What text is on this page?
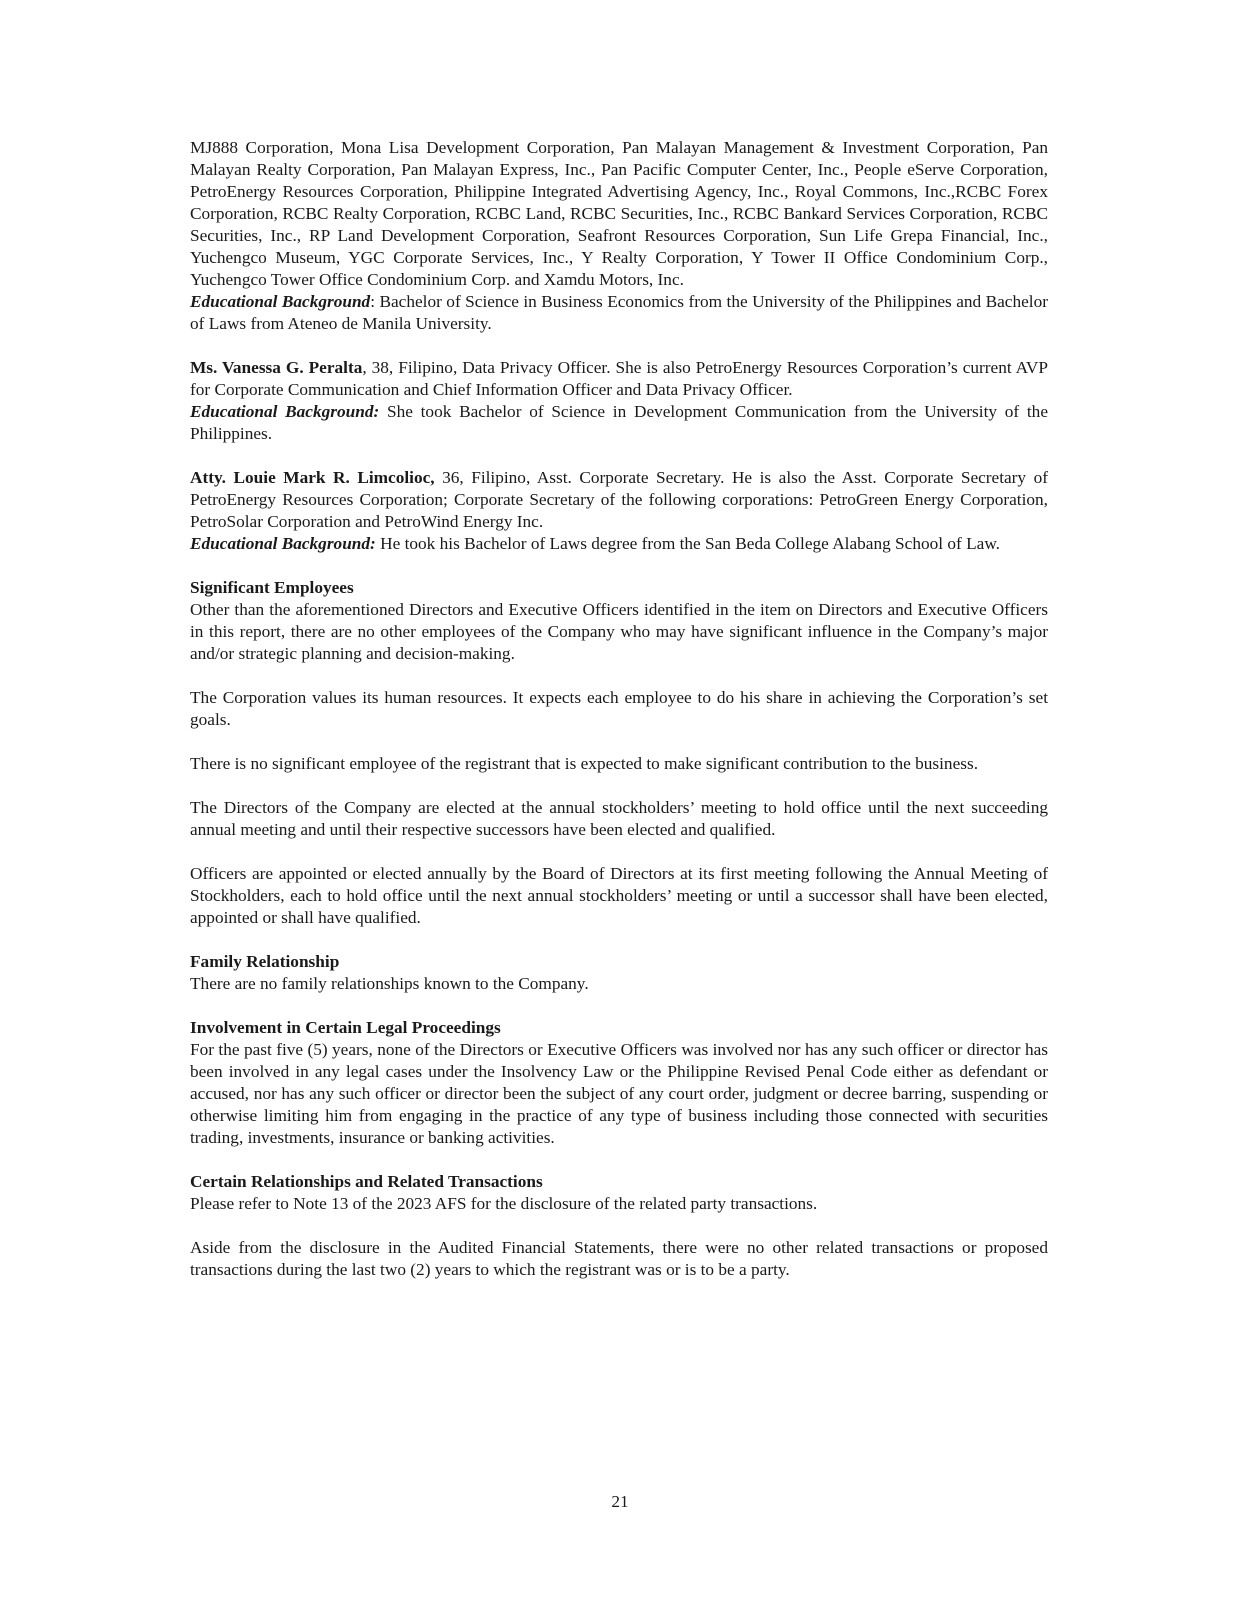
MJ888 Corporation, Mona Lisa Development Corporation, Pan Malayan Management & Investment Corporation, Pan Malayan Realty Corporation, Pan Malayan Express, Inc., Pan Pacific Computer Center, Inc., People eServe Corporation, PetroEnergy Resources Corporation, Philippine Integrated Advertising Agency, Inc., Royal Commons, Inc.,RCBC Forex Corporation, RCBC Realty Corporation, RCBC Land, RCBC Securities, Inc., RCBC Bankard Services Corporation, RCBC Securities, Inc., RP Land Development Corporation, Seafront Resources Corporation, Sun Life Grepa Financial, Inc., Yuchengco Museum, YGC Corporate Services, Inc., Y Realty Corporation, Y Tower II Office Condominium Corp., Yuchengco Tower Office Condominium Corp. and Xamdu Motors, Inc.

Educational Background: Bachelor of Science in Business Economics from the University of the Philippines and Bachelor of Laws from Ateneo de Manila University.

Ms. Vanessa G. Peralta, 38, Filipino, Data Privacy Officer. She is also PetroEnergy Resources Corporation’s current AVP for Corporate Communication and Chief Information Officer and Data Privacy Officer.

Educational Background: She took Bachelor of Science in Development Communication from the University of the Philippines.

Atty. Louie Mark R. Limcolioc, 36, Filipino, Asst. Corporate Secretary. He is also the Asst. Corporate Secretary of PetroEnergy Resources Corporation; Corporate Secretary of the following corporations: PetroGreen Energy Corporation, PetroSolar Corporation and PetroWind Energy Inc.

Educational Background: He took his Bachelor of Laws degree from the San Beda College Alabang School of Law.

Significant Employees

Other than the aforementioned Directors and Executive Officers identified in the item on Directors and Executive Officers in this report, there are no other employees of the Company who may have significant influence in the Company’s major and/or strategic planning and decision-making.

The Corporation values its human resources. It expects each employee to do his share in achieving the Corporation’s set goals.

There is no significant employee of the registrant that is expected to make significant contribution to the business.

The Directors of the Company are elected at the annual stockholders’ meeting to hold office until the next succeeding annual meeting and until their respective successors have been elected and qualified.

Officers are appointed or elected annually by the Board of Directors at its first meeting following the Annual Meeting of Stockholders, each to hold office until the next annual stockholders’ meeting or until a successor shall have been elected, appointed or shall have qualified.

Family Relationship

There are no family relationships known to the Company.

Involvement in Certain Legal Proceedings

For the past five (5) years, none of the Directors or Executive Officers was involved nor has any such officer or director has been involved in any legal cases under the Insolvency Law or the Philippine Revised Penal Code either as defendant or accused, nor has any such officer or director been the subject of any court order, judgment or decree barring, suspending or otherwise limiting him from engaging in the practice of any type of business including those connected with securities trading, investments, insurance or banking activities.

Certain Relationships and Related Transactions

Please refer to Note 13 of the 2023 AFS for the disclosure of the related party transactions.

Aside from the disclosure in the Audited Financial Statements, there were no other related transactions or proposed transactions during the last two (2) years to which the registrant was or is to be a party.

21
